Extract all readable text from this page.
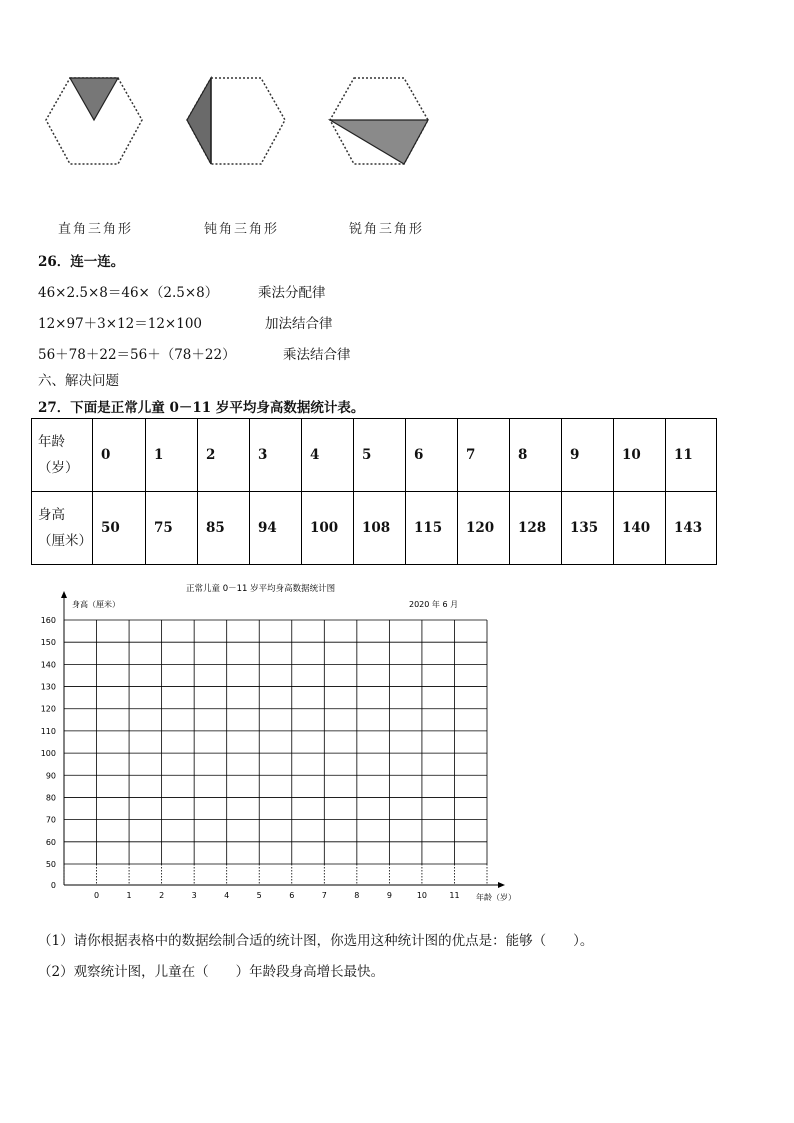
直角三角形	钝角三角形	锐角三角形
26．连一连。
46×2.5×8＝46×（2.5×8）	乘法分配律
12×97＋3×12＝12×100	加法结合律
56＋78＋22＝56＋（78＋22）	乘法结合律
六、解决问题
27．下面是正常儿童 0－11 岁平均身高数据统计表。
年龄
（岁）	0	1	2	3	4	5	6	7	8	9	10	11

身高
（厘米）	50	75	85	94	100	108	115	120	128	135	140	143
正常儿童 0－11 岁平均身高数据统计图
身高（厘米）	2020 年 6 月
年龄（岁）
50
60
70
80
90
100
110
120
130
140
150
160
0
0	1	2	3	4	5	6	7	8	9	10	11
（1）请你根据表格中的数据绘制合适的统计图，你选用这种统计图的优点是：能够（　　）。
（2）观察统计图，儿童在（　　）年龄段身高增长最快。
